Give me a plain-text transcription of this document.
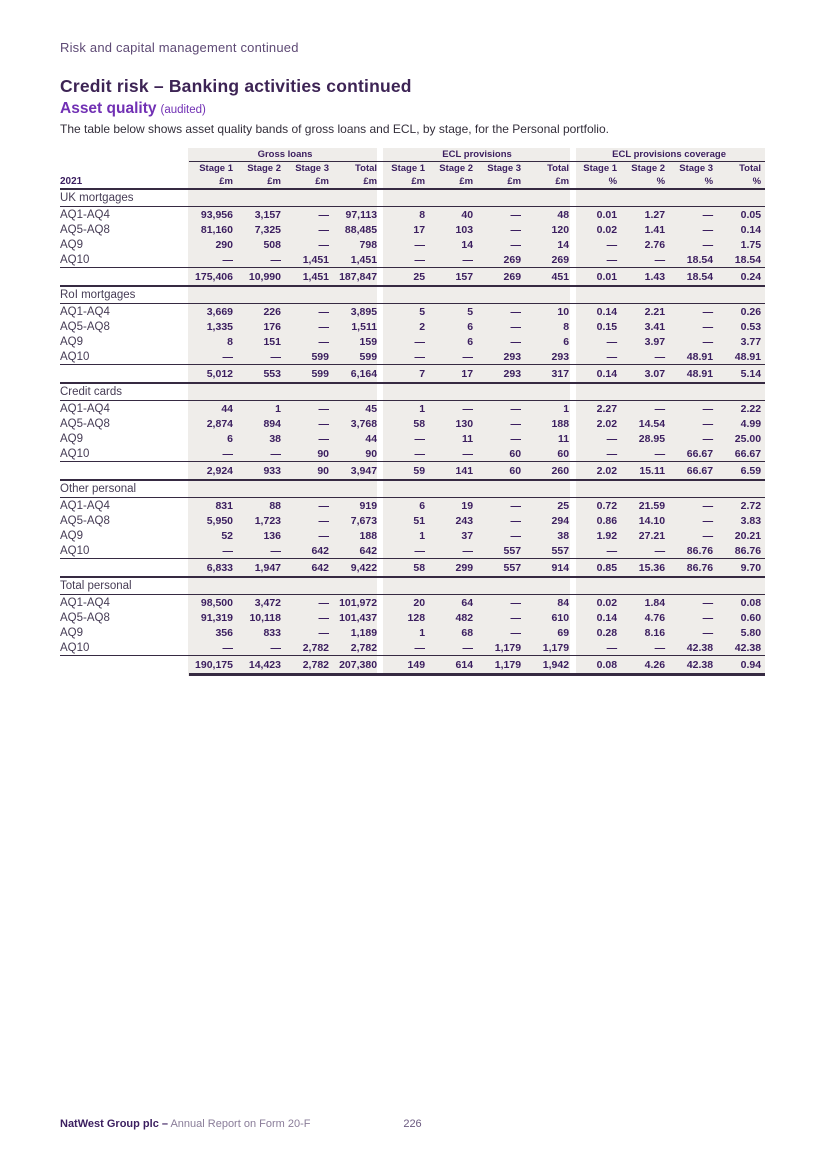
Risk and capital management continued
Credit risk – Banking activities continued
Asset quality (audited)

The table below shows asset quality bands of gross loans and ECL, by stage, for the Personal portfolio.

	Gross loans				ECL provisions				ECL provisions coverage			
	Stage 1	Stage 2	Stage 3	Total	Stage 1	Stage 2	Stage 3	Total	Stage 1	Stage 2	Stage 3	Total
2021	£m	£m	£m	£m	£m	£m	£m	£m	%	%	%	%
UK mortgages												
AQ1-AQ4	93,956	3,157	—	97,113	8	40	—	48	0.01	1.27	—	0.05
AQ5-AQ8	81,160	7,325	—	88,485	17	103	—	120	0.02	1.41	—	0.14
AQ9	290	508	—	798	—	14	—	14	—	2.76	—	1.75
AQ10	—	—	1,451	1,451	—	—	269	269	—	—	18.54	18.54
	175,406	10,990	1,451	187,847	25	157	269	451	0.01	1.43	18.54	0.24
RoI mortgages												
AQ1-AQ4	3,669	226	—	3,895	5	5	—	10	0.14	2.21	—	0.26
AQ5-AQ8	1,335	176	—	1,511	2	6	—	8	0.15	3.41	—	0.53
AQ9	8	151	—	159	—	6	—	6	—	3.97	—	3.77
AQ10	—	—	599	599	—	—	293	293	—	—	48.91	48.91
	5,012	553	599	6,164	7	17	293	317	0.14	3.07	48.91	5.14
Credit cards												
AQ1-AQ4	44	1	—	45	1	—	—	1	2.27	—	—	2.22
AQ5-AQ8	2,874	894	—	3,768	58	130	—	188	2.02	14.54	—	4.99
AQ9	6	38	—	44	—	11	—	11	—	28.95	—	25.00
AQ10	—	—	90	90	—	—	60	60	—	—	66.67	66.67
	2,924	933	90	3,947	59	141	60	260	2.02	15.11	66.67	6.59
Other personal												
AQ1-AQ4	831	88	—	919	6	19	—	25	0.72	21.59	—	2.72
AQ5-AQ8	5,950	1,723	—	7,673	51	243	—	294	0.86	14.10	—	3.83
AQ9	52	136	—	188	1	37	—	38	1.92	27.21	—	20.21
AQ10	—	—	642	642	—	—	557	557	—	—	86.76	86.76
	6,833	1,947	642	9,422	58	299	557	914	0.85	15.36	86.76	9.70
Total personal												
AQ1-AQ4	98,500	3,472	—	101,972	20	64	—	84	0.02	1.84	—	0.08
AQ5-AQ8	91,319	10,118	—	101,437	128	482	—	610	0.14	4.76	—	0.60
AQ9	356	833	—	1,189	1	68	—	69	0.28	8.16	—	5.80
AQ10	—	—	2,782	2,782	—	—	1,179	1,179	—	—	42.38	42.38
	190,175	14,423	2,782	207,380	149	614	1,179	1,942	0.08	4.26	42.38	0.94
NatWest Group plc – Annual Report on Form 20-F	226
